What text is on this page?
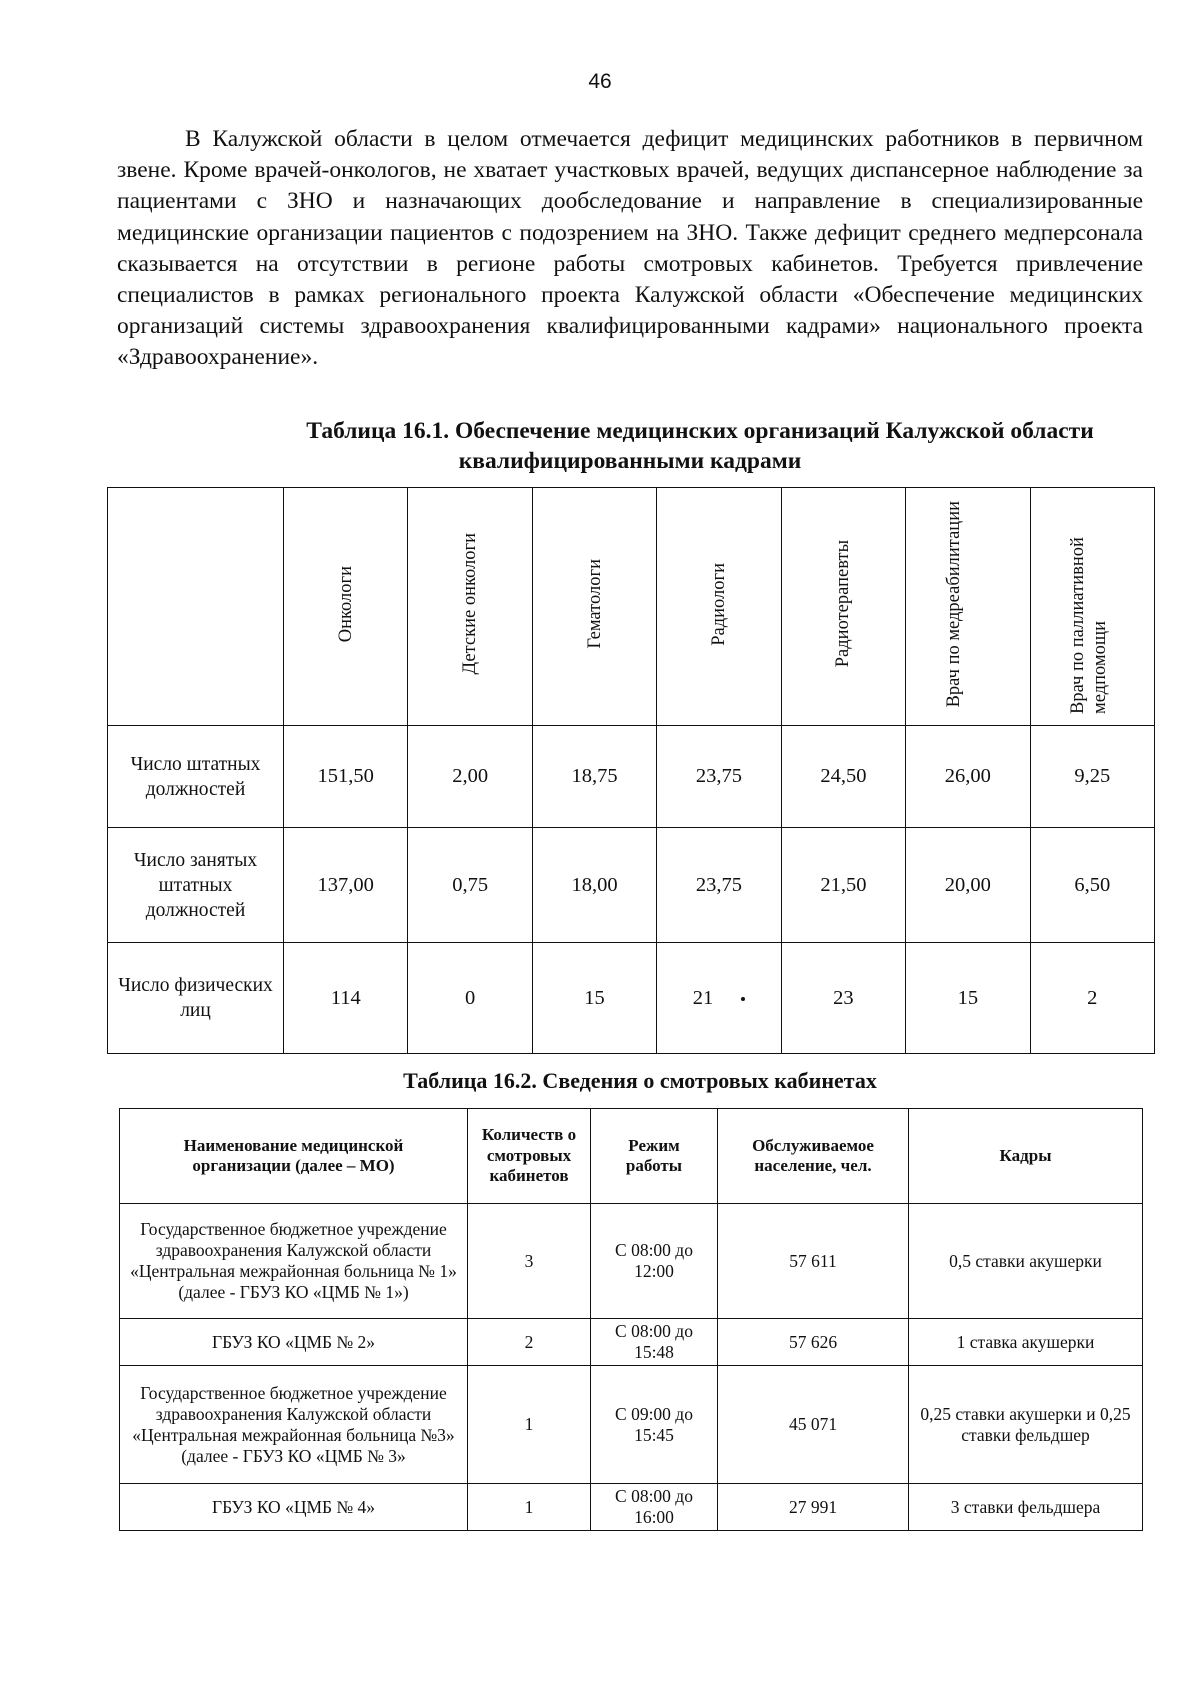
46

В Калужской области в целом отмечается дефицит медицинских работников в первичном звене. Кроме врачей-онкологов, не хватает участковых врачей, ведущих диспансерное наблюдение за пациентами с ЗНО и назначающих дообследование и направление в специализированные медицинские организации пациентов с подозрением на ЗНО. Также дефицит среднего медперсонала сказывается на отсутствии в регионе работы смотровых кабинетов. Требуется привлечение специалистов в рамках регионального проекта Калужской области «Обеспечение медицинских организаций системы здравоохранения квалифицированными кадрами» национального проекта «Здравоохранение».

Таблица 16.1. Обеспечение медицинских организаций Калужской области
квалифицированными кадрами
	Онкологи	Детские онкологи	Гематологи	Радиологи	Радиотерапевты	Врач по медреабилитации	Врач по паллиативной медпомощи
Число штатных должностей	151,50	2,00	18,75	23,75	24,50	26,00	9,25
Число занятых штатных должностей	137,00	0,75	18,00	23,75	21,50	20,00	6,50
Число физических лиц	114	0	15	21	23	15	2
Таблица 16.2. Сведения о смотровых кабинетах
Наименование медицинской организации (далее – МО)	Количеств о смотровых кабинетов	Режим работы	Обслуживаемое население, чел.	Кадры
Государственное бюджетное учреждение здравоохранения Калужской области «Центральная межрайонная больница № 1» (далее - ГБУЗ КО «ЦМБ № 1»)	3	С 08:00 до 12:00	57 611	0,5 ставки акушерки
ГБУЗ КО «ЦМБ № 2»	2	С 08:00 до 15:48	57 626	1 ставка акушерки
Государственное бюджетное учреждение здравоохранения Калужской области «Центральная межрайонная больница №3» (далее - ГБУЗ КО «ЦМБ № 3»	1	С 09:00 до 15:45	45 071	0,25 ставки акушерки и 0,25 ставки фельдшер
ГБУЗ КО «ЦМБ № 4»	1	С 08:00 до 16:00	27 991	3 ставки фельдшера
